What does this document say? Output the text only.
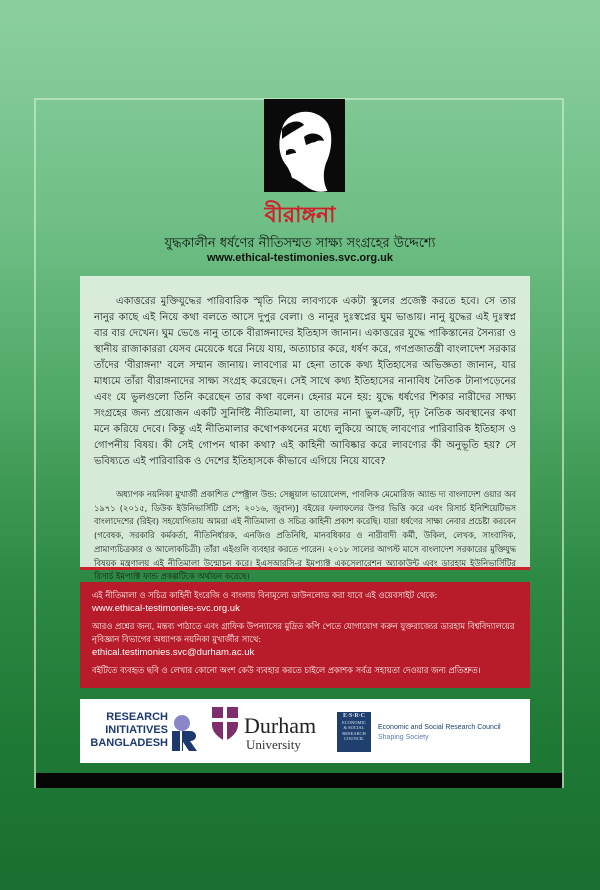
বীরাঙ্গনা
যুদ্ধকালীন ধর্ষণের নীতিসম্মত সাক্ষ্য সংগ্রহের উদ্দেশ্যে
www.ethical-testimonies.svc.org.uk

একাত্তরের মুক্তিযুদ্ধের পারিবারিক স্মৃতি নিয়ে লাবণ্যকে একটা স্কুলের প্রজেক্ট করতে হবে। সে তার নানুর কাছে এই নিয়ে কথা বলতে আসে দুপুর বেলা। ও নানুর দুঃস্বপ্নের ঘুম ভাঙায়। নানু যুদ্ধের এই দুঃস্বপ্ন বার বার দেখেন। ঘুম ভেঙে নানু তাকে বীরাঙ্গনাদের ইতিহাস জানান। একাত্তরের যুদ্ধে পাকিস্তানের সৈন্যরা ও স্থানীয় রাজাকাররা যেসব মেয়েকে ধরে নিয়ে যায়, অত্যাচার করে, ধর্ষণ করে, গণপ্রজাতন্ত্রী বাংলাদেশ সরকার তাঁদের 'বীরাঙ্গনা' বলে সম্মান জানায়। লাবণ্যের মা হেনা তাকে কথ্য ইতিহাসের অভিজ্ঞতা জানান, যার মাধ্যমে তাঁরা বীরাঙ্গনাদের সাক্ষ্য সংগ্রহ করেছেন। সেই সাথে কথ্য ইতিহাসের নানাবিধ নৈতিক টানাপড়েনের এবং যে ভুলগুলো তিনি করেছেন তার কথা বলেন। হেনার মনে হয়: যুদ্ধে ধর্ষণের শিকার নারীদের সাক্ষ্য সংগ্রহের জন্য প্রয়োজন একটি সুনির্দিষ্ট নীতিমালা, যা তাদের নানা ভুল-ত্রুটি, দৃঢ় নৈতিক অবস্থানের কথা মনে করিয়ে দেবে। কিন্তু এই নীতিমালার কথোপকথনের মধ্যে লুকিয়ে আছে লাবণ্যের পারিবারিক ইতিহাস ও গোপনীয় বিষয়। কী সেই গোপন থাকা কথা? এই কাহিনী আবিষ্কার করে লাবণ্যের কী অনুভূতি হয়? সে ভবিষ্যতে এই পারিবারিক ও দেশের ইতিহাসকে কীভাবে এগিয়ে নিয়ে যাবে?

অধ্যাপক নয়নিকা মুখার্জী প্রকাশিত স্পেক্ট্রাল উন্ড: সেক্সুয়াল ভায়োলেন্স, পাবলিক মেমোরিজ অ্যান্ড দ্য বাংলাদেশ ওয়ার অব ১৯৭১ (২০১৫, ডিউক ইউনিভার্সিটি প্রেস; ২০১৬, জুবান)] বইয়ের ফলাফলের উপর ভিত্তি করে এবং রিসার্চ ইনিশিয়েটিভস বাংলাদেশের (রিইব) সহযোগিতায় আমরা এই নীতিমালা ও সচিত্র কাহিনী প্রকাশ করেছি। যারা ধর্ষণের সাক্ষ্য নেবার প্রচেষ্টা করবেন (গবেষক, সরকারি কর্মকর্তা, নীতিনির্ধারক, এনজিও প্রতিনিধি, মানবধিকার ও নারীবাদী কর্মী, উকিল, লেখক, সাংবাদিক, প্রামাণ্যচিত্রকার ও আলোকচিত্রী) তাঁরা এইগুলি ব্যবহার করতে পারেন। ২০১৮ সালের আগস্ট মাসে বাংলাদেশ সরকারের মুক্তিযুদ্ধ বিষয়ক মন্ত্রণালয় এই নীতিমালা উন্মোচন করে। ইএসআরসি-র ইমপ্যাক্ট একসেলারেশন অ্যাকাউন্ট এবং ডারহাম ইউনিভার্সিটির রিসার্চ ইমপ্যাক্ট ফান্ড প্রকল্পটিকে অর্থায়ন করেছে।

এই নীতিমালা ও সচিত্র কাহিনী ইংরেজি ও বাংলায় বিনামূল্যে ডাউনলোড করা যাবে এই ওয়েবসাইট থেকে:
www.ethical-testimonies-svc.org.uk
আরও প্রশ্নের জন্য, মন্তব্য পাঠাতে এবং গ্রাফিক উপন্যাসের মুদ্রিত কপি পেতে যোগাযোগ করুন যুক্তরাজ্যের ডারহাম বিশ্ববিদ্যালয়ের নৃবিজ্ঞান বিভাগের অধ্যাপক নয়নিকা মুখার্জীর সাথে:
ethical.testimonies.svc@durham.ac.uk
বইটিতে ব্যবহৃত ছবি ও লেখার কোনো অংশ কেউ ব্যবহার করতে চাইলে প্রকাশক সর্বত্র সহায়তা দেওয়ার জন্য প্রতিশ্রুত।
RESEARCH
INITIATIVES
BANGLADESH
Durham
University
E·S·R·C
ECONOMIC
& SOCIAL
RESEARCH
COUNCIL
Economic and Social Research Council
Shaping Society
